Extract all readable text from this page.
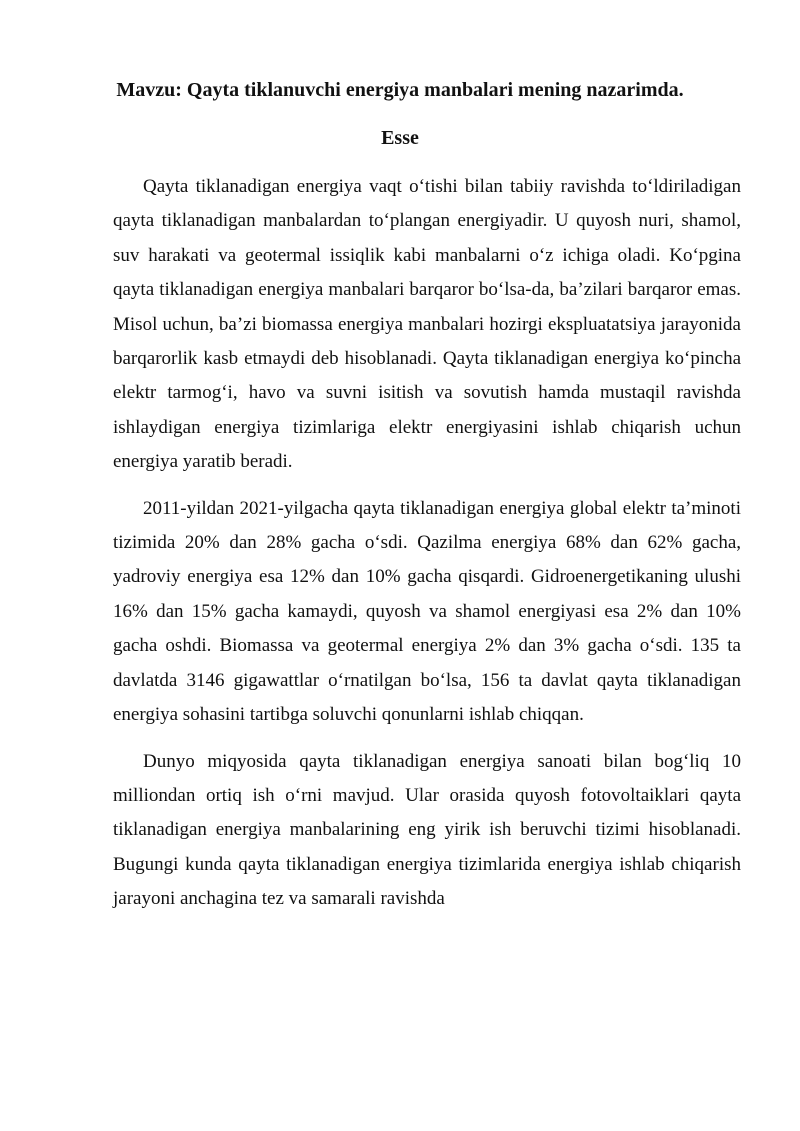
Mavzu: Qayta tiklanuvchi energiya manbalari mening nazarimda.
Esse

Qayta tiklanadigan energiya vaqt o‘tishi bilan tabiiy ravishda to‘ldiriladigan qayta tiklanadigan manbalardan to‘plangan energiyadir. U quyosh nuri, shamol, suv harakati va geotermal issiqlik kabi manbalarni o‘z ichiga oladi. Ko‘pgina qayta tiklanadigan energiya manbalari barqaror bo‘lsa-da, ba’zilari barqaror emas. Misol uchun, ba’zi biomassa energiya manbalari hozirgi ekspluatatsiya jarayonida barqarorlik kasb etmaydi deb hisoblanadi. Qayta tiklanadigan energiya ko‘pincha elektr tarmog‘i, havo va suvni isitish va sovutish hamda mustaqil ravishda ishlaydigan energiya tizimlariga elektr energiyasini ishlab chiqarish uchun energiya yaratib beradi.

2011-yildan 2021-yilgacha qayta tiklanadigan energiya global elektr ta’minoti tizimida 20% dan 28% gacha o‘sdi. Qazilma energiya 68% dan 62% gacha, yadroviy energiya esa 12% dan 10% gacha qisqardi. Gidroenergetikaning ulushi 16% dan 15% gacha kamaydi, quyosh va shamol energiyasi esa 2% dan 10% gacha oshdi. Biomassa va geotermal energiya 2% dan 3% gacha o‘sdi. 135 ta davlatda 3146 gigawattlar o‘rnatilgan bo‘lsa, 156 ta davlat qayta tiklanadigan energiya sohasini tartibga soluvchi qonunlarni ishlab chiqqan.

Dunyo miqyosida qayta tiklanadigan energiya sanoati bilan bog‘liq 10 milliondan ortiq ish o‘rni mavjud. Ular orasida quyosh fotovoltaiklari qayta tiklanadigan energiya manbalarining eng yirik ish beruvchi tizimi hisoblanadi. Bugungi kunda qayta tiklanadigan energiya tizimlarida energiya ishlab chiqarish jarayoni anchagina tez va samarali ravishda
